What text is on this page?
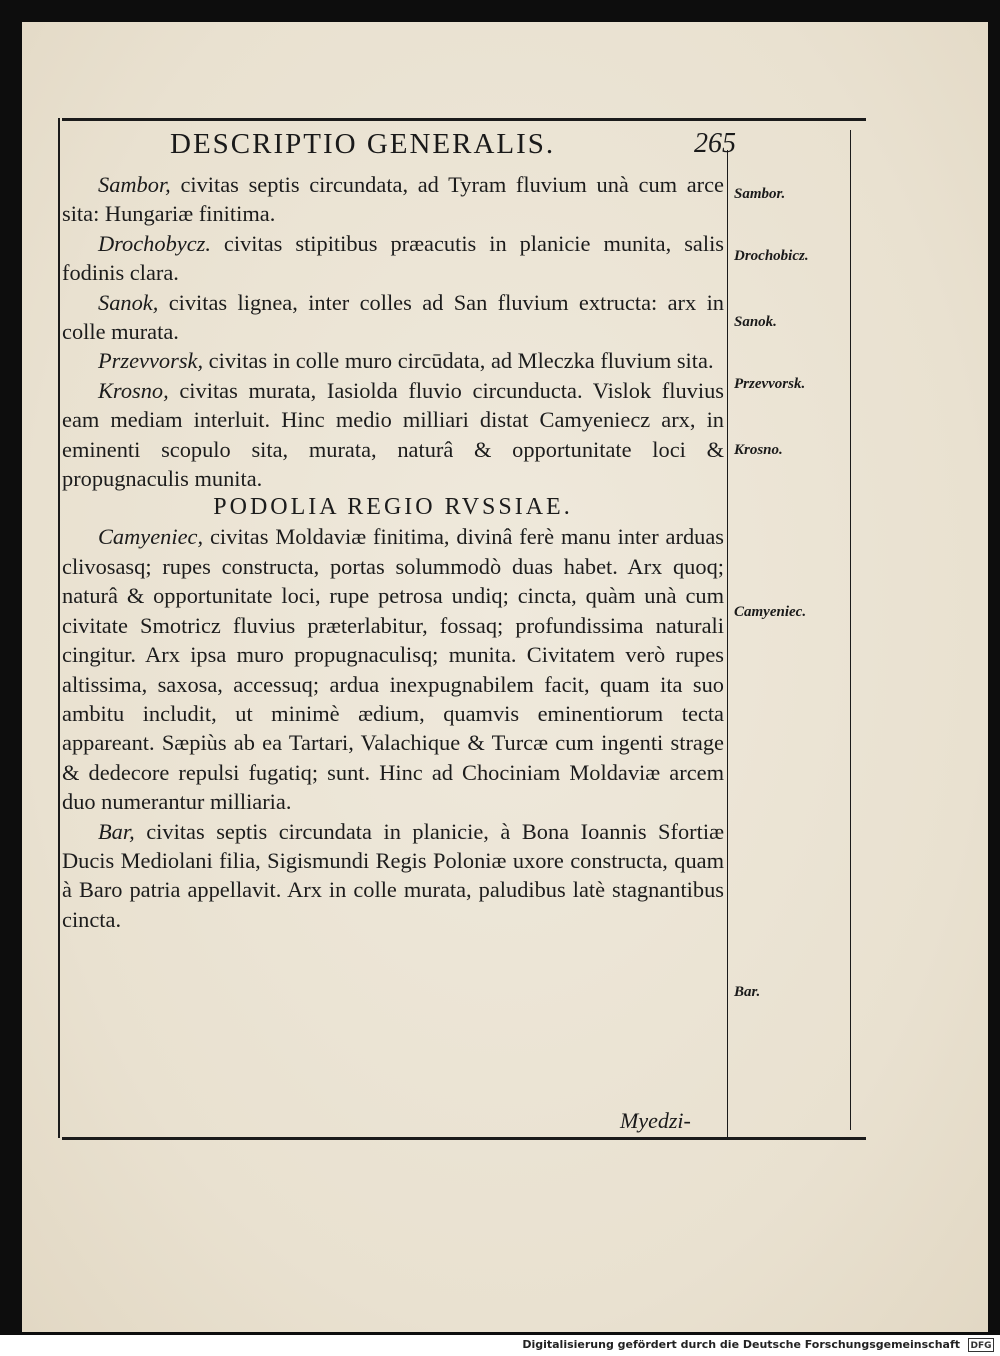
DESCRIPTIO GENERALIS.	265

Sambor, civitas septis circundata, ad Tyram fluvium unà cum arce sita: Hungariæ finitima.

Drochobycz. civitas stipitibus præacutis in planicie munita, salis fodinis clara.

Sanok, civitas lignea, inter colles ad San fluvium extructa: arx in colle murata.

Przevvorsk, civitas in colle muro circūdata, ad Mleczka fluvium sita.

Krosno, civitas murata, Iasiolda fluvio circunducta. Vislok fluvius eam mediam interluit. Hinc medio milliari distat Camyeniecz arx, in eminenti scopulo sita, murata, naturâ & opportunitate loci & propugnaculis munita.

PODOLIA REGIO RVSSIAE.

Camyeniec, civitas Moldaviæ finitima, divinâ ferè manu inter arduas clivosasq; rupes constructa, portas solummodò duas habet. Arx quoq; naturâ & opportunitate loci, rupe petrosa undiq; cincta, quàm unà cum civitate Smotricz fluvius præterlabitur, fossaq; profundissima naturali cingitur. Arx ipsa muro propugnaculisq; munita. Civitatem verò rupes altissima, saxosa, accessuq; ardua inexpugnabilem facit, quam ita suo ambitu includit, ut minimè ædium, quamvis eminentiorum tecta appareant. Sæpiùs ab ea Tartari, Valachique & Turcæ cum ingenti strage & dedecore repulsi fugatiq; sunt. Hinc ad Chociniam Moldaviæ arcem duo numerantur milliaria.

Bar, civitas septis circundata in planicie, à Bona Ioannis Sfortiæ Ducis Mediolani filia, Sigismundi Regis Poloniæ uxore constructa, quam à Baro patria appellavit. Arx in colle murata, paludibus latè stagnantibus cincta.

Sambor.
Drochobicz.
Sanok.
Przevvorsk.
Krosno.
Camyeniec.
Bar.
Myedzi-
Digitalisierung gefördert durch die Deutsche Forschungsgemeinschaft DFG
